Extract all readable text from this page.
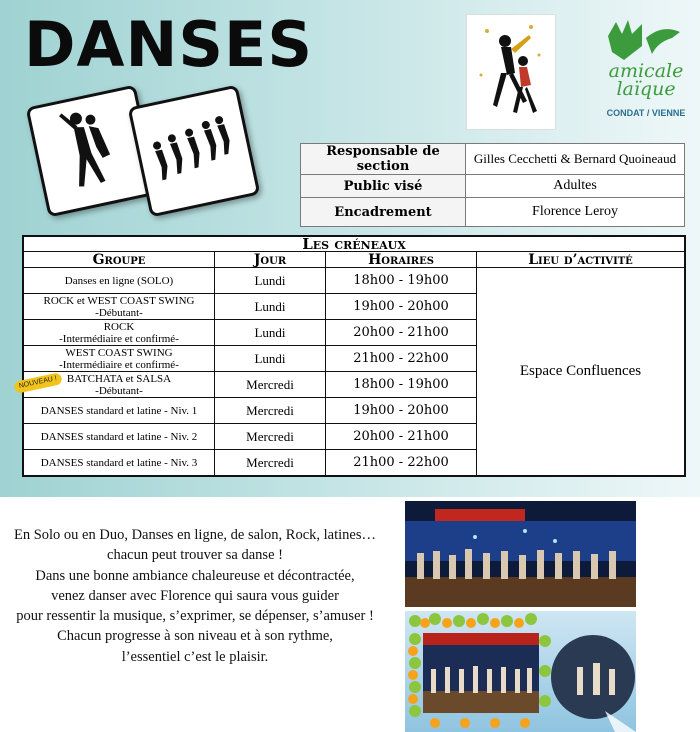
DANSES	amicale
laïque
CONDAT / VIENNE
Responsable de section	Gilles Cecchetti & Bernard Quoineaud
Public visé	Adultes
Encadrement	Florence Leroy
Les créneaux			
Groupe	Jour	Horaires	Lieu d’activité
Danses en ligne (SOLO)	Lundi	18h00 - 19h00	Espace Confluences
ROCK et WEST COAST SWING
-Débutant-	Lundi	19h00 - 20h00	
ROCK
-Intermédiaire et confirmé-	Lundi	20h00 - 21h00	
WEST COAST SWING
-Intermédiaire et confirmé-	Lundi	21h00 - 22h00	
BATCHATA et SALSA
-Débutant-	Mercredi	18h00 - 19h00	
DANSES standard et latine - Niv. 1	Mercredi	19h00 - 20h00	
DANSES standard et latine - Niv. 2	Mercredi	20h00 - 21h00	
DANSES standard et latine - Niv. 3	Mercredi	21h00 - 22h00	
NOUVEAU !
En Solo ou en Duo, Danses en ligne, de salon, Rock, latines…
chacun peut trouver sa danse !
Dans une bonne ambiance chaleureuse et décontractée,
venez danser avec Florence qui saura vous guider
pour ressentir la musique, s’exprimer, se dépenser, s’amuser !
Chacun progresse à son niveau et à son rythme,
l’essentiel c’est le plaisir.
